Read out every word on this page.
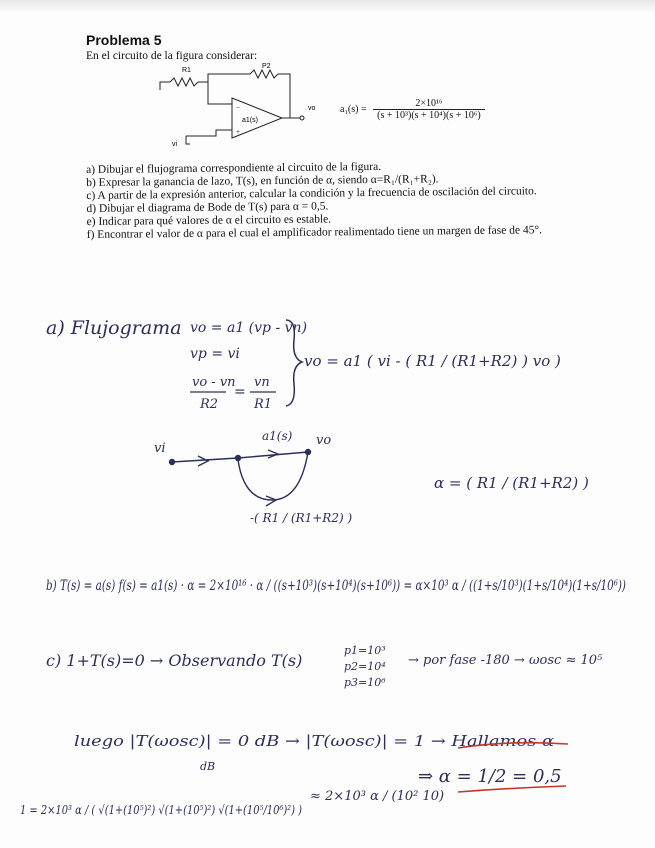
Problema 5
En el circuito de la figura considerar:
R1
P2
a1(s)
vo
vi
−
+
$a_1(s) = \frac{\text{2×10¹⁶}}{\text{(s + 10³)(s + 10⁴)(s + 10⁶)}}$

a) Dibujar el flujograma correspondiente al circuito de la figura.

b) Expresar la ganancia de lazo, T(s), en función de α, siendo α=R₁/(R₁+R₂).

c) A partir de la expresión anterior, calcular la condición y la frecuencia de oscilación del circuito.

d) Dibujar el diagrama de Bode de T(s) para α = 0,5.

e) Indicar para qué valores de α el circuito es estable.

f) Encontrar el valor de α para el cual el amplificador realimentado tiene un margen de fase de 45°.

a) Flujograma vo = a1 (vp - vn)
vp = vi
vo - vn
R2
=
vn
R1
vo = a1 ( vi - ( R1 / (R1+R2) ) vo )
vi
a1(s) vo
-( R1 / (R1+R2) )
α = ( R1 / (R1+R2) )
b) T(s) = a(s) f(s) = a1(s) · α = 2×10¹⁶ · α / ((s+10³)(s+10⁴)(s+10⁶)) = α×10³ α / ((1+s/10³)(1+s/10⁴)(1+s/10⁶))
c) 1+T(s)=0 → Observando T(s)
p1=10³
p2=10⁴
p3=10⁶
→ por fase -180 → ωosc ≈ 10⁵
luego |T(ωosc)| = 0 dB → |T(ωosc)| = 1 → Hallamos α
dB
1 = 2×10³ α / ( √(1+(10⁵)²) √(1+(10⁵)²) √(1+(10⁵/10⁶)²) )
≈ 2×10³ α / (10² 10)
⇒ α = 1/2 = 0,5
